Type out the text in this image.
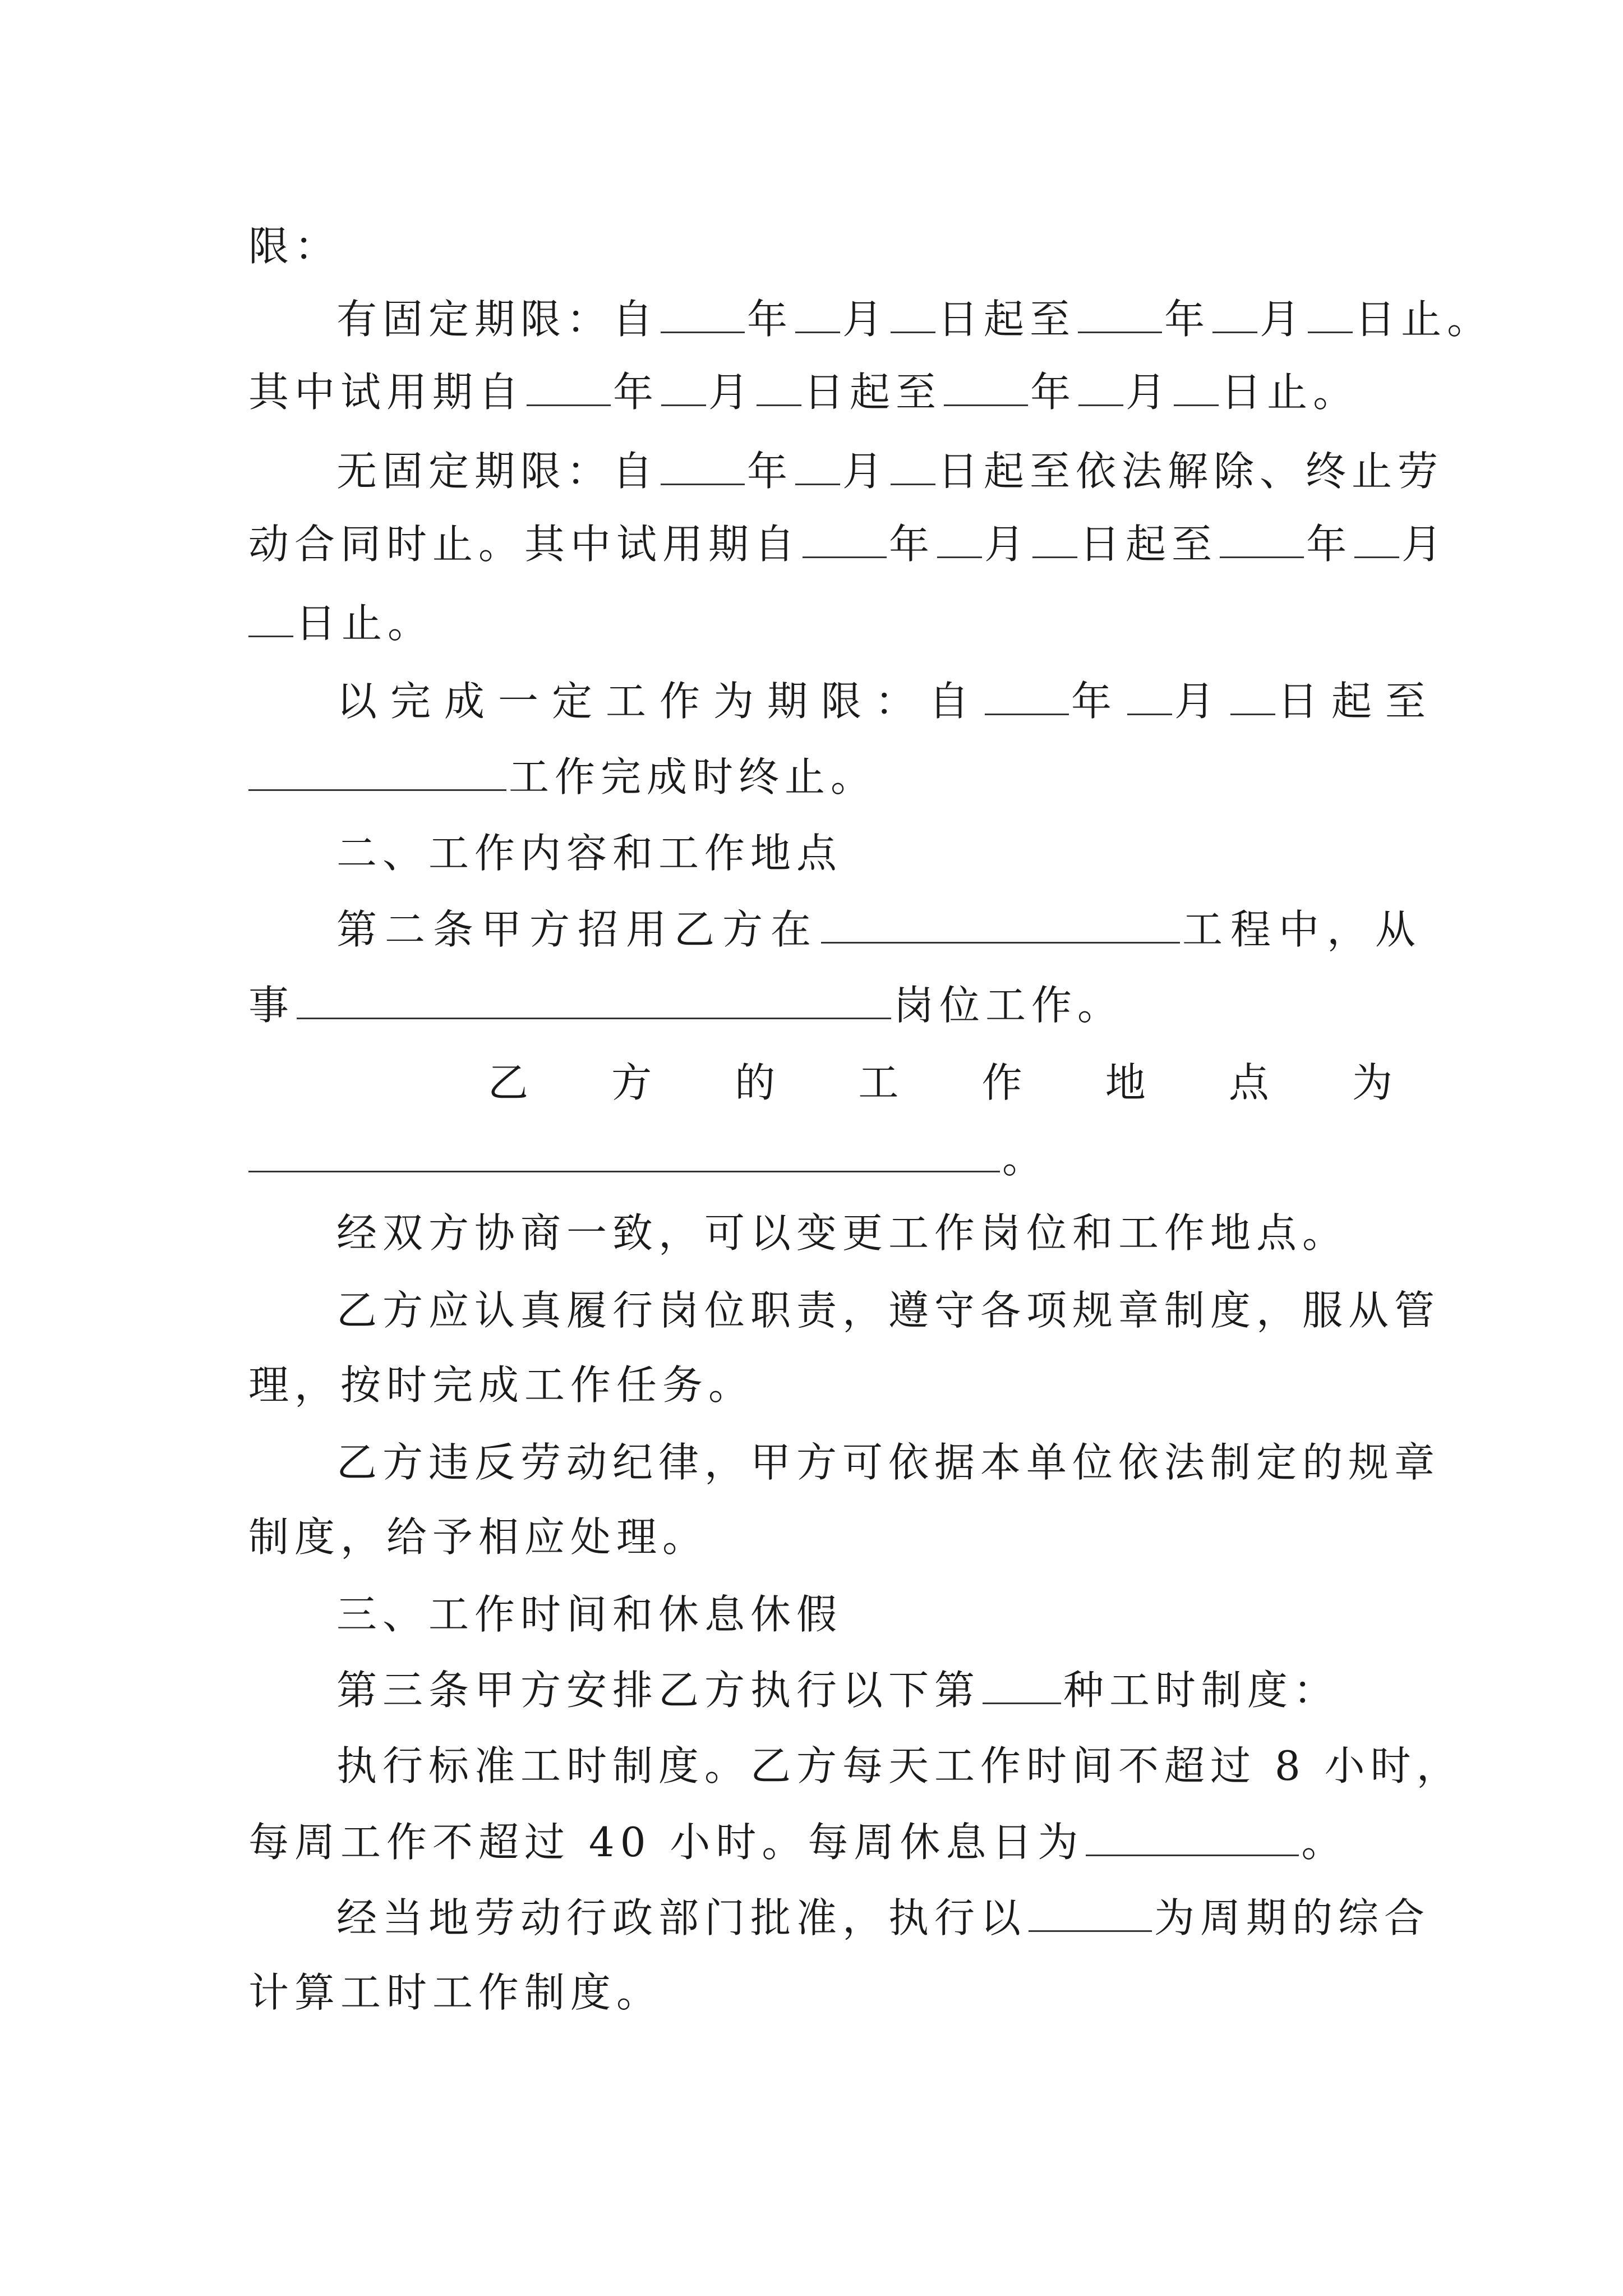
限：
有固定期限：自 年 月 日起至 年 月 日止。
其中试用期自 年 月 日起至 年 月 日止。
无固定期限：自 年 月 日起至依法解除、终止劳
动合同时止。其中试用期自 年 月 日起至 年 月
日止。
以完成一定工作为期限：自 年 月 日起至
工作完成时终止。
二、工作内容和工作地点
第二条甲方招用乙方在	工程中，从
事	岗位工作。
乙 方 的 工 作 地 点 为
。
经双方协商一致，可以变更工作岗位和工作地点。
乙方应认真履行岗位职责，遵守各项规章制度，服从管
理，按时完成工作任务。
乙方违反劳动纪律，甲方可依据本单位依法制定的规章
制度，给予相应处理。
三、工作时间和休息休假
第三条甲方安排乙方执行以下第 种工时制度：
执行标准工时制度。乙方每天工作时间不超过 8 小时，
每周工作不超过 40 小时。每周休息日为	。
经当地劳动行政部门批准，执行以	为周期的综合
计算工时工作制度。
